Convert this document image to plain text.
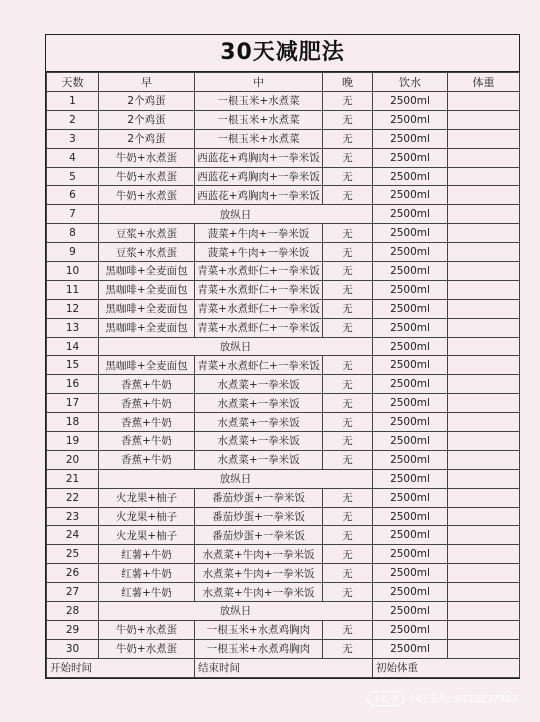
30天减肥法
天数	早	中	晚	饮水	体重
1	2个鸡蛋	一根玉米+水煮菜	无	2500ml	
2	2个鸡蛋	一根玉米+水煮菜	无	2500ml	
3	2个鸡蛋	一根玉米+水煮菜	无	2500ml	
4	牛奶+水煮蛋	西蓝花+鸡胸肉+一拳米饭	无	2500ml	
5	牛奶+水煮蛋	西蓝花+鸡胸肉+一拳米饭	无	2500ml	
6	牛奶+水煮蛋	西蓝花+鸡胸肉+一拳米饭	无	2500ml	
7	放纵日			2500ml	
8	豆浆+水煮蛋	菠菜+牛肉+一拳米饭	无	2500ml	
9	豆浆+水煮蛋	菠菜+牛肉+一拳米饭	无	2500ml	
10	黑咖啡+全麦面包	青菜+水煮虾仁+一拳米饭	无	2500ml	
11	黑咖啡+全麦面包	青菜+水煮虾仁+一拳米饭	无	2500ml	
12	黑咖啡+全麦面包	青菜+水煮虾仁+一拳米饭	无	2500ml	
13	黑咖啡+全麦面包	青菜+水煮虾仁+一拳米饭	无	2500ml	
14	放纵日			2500ml	
15	黑咖啡+全麦面包	青菜+水煮虾仁+一拳米饭	无	2500ml	
16	香蕉+牛奶	水煮菜+一拳米饭	无	2500ml	
17	香蕉+牛奶	水煮菜+一拳米饭	无	2500ml	
18	香蕉+牛奶	水煮菜+一拳米饭	无	2500ml	
19	香蕉+牛奶	水煮菜+一拳米饭	无	2500ml	
20	香蕉+牛奶	水煮菜+一拳米饭	无	2500ml	
21	放纵日			2500ml	
22	火龙果+柚子	番茄炒蛋+一拳米饭	无	2500ml	
23	火龙果+柚子	番茄炒蛋+一拳米饭	无	2500ml	
24	火龙果+柚子	番茄炒蛋+一拳米饭	无	2500ml	
25	红薯+牛奶	水煮菜+牛肉+一拳米饭	无	2500ml	
26	红薯+牛奶	水煮菜+牛肉+一拳米饭	无	2500ml	
27	红薯+牛奶	水煮菜+牛肉+一拳米饭	无	2500ml	
28	放纵日			2500ml	
29	牛奶+水煮蛋	一根玉米+水煮鸡胸肉	无	2500ml	
30	牛奶+水煮蛋	一根玉米+水煮鸡胸肉	无	2500ml	
开始时间		结束时间		初始体重	
小红书 小红书号: 5413237887
